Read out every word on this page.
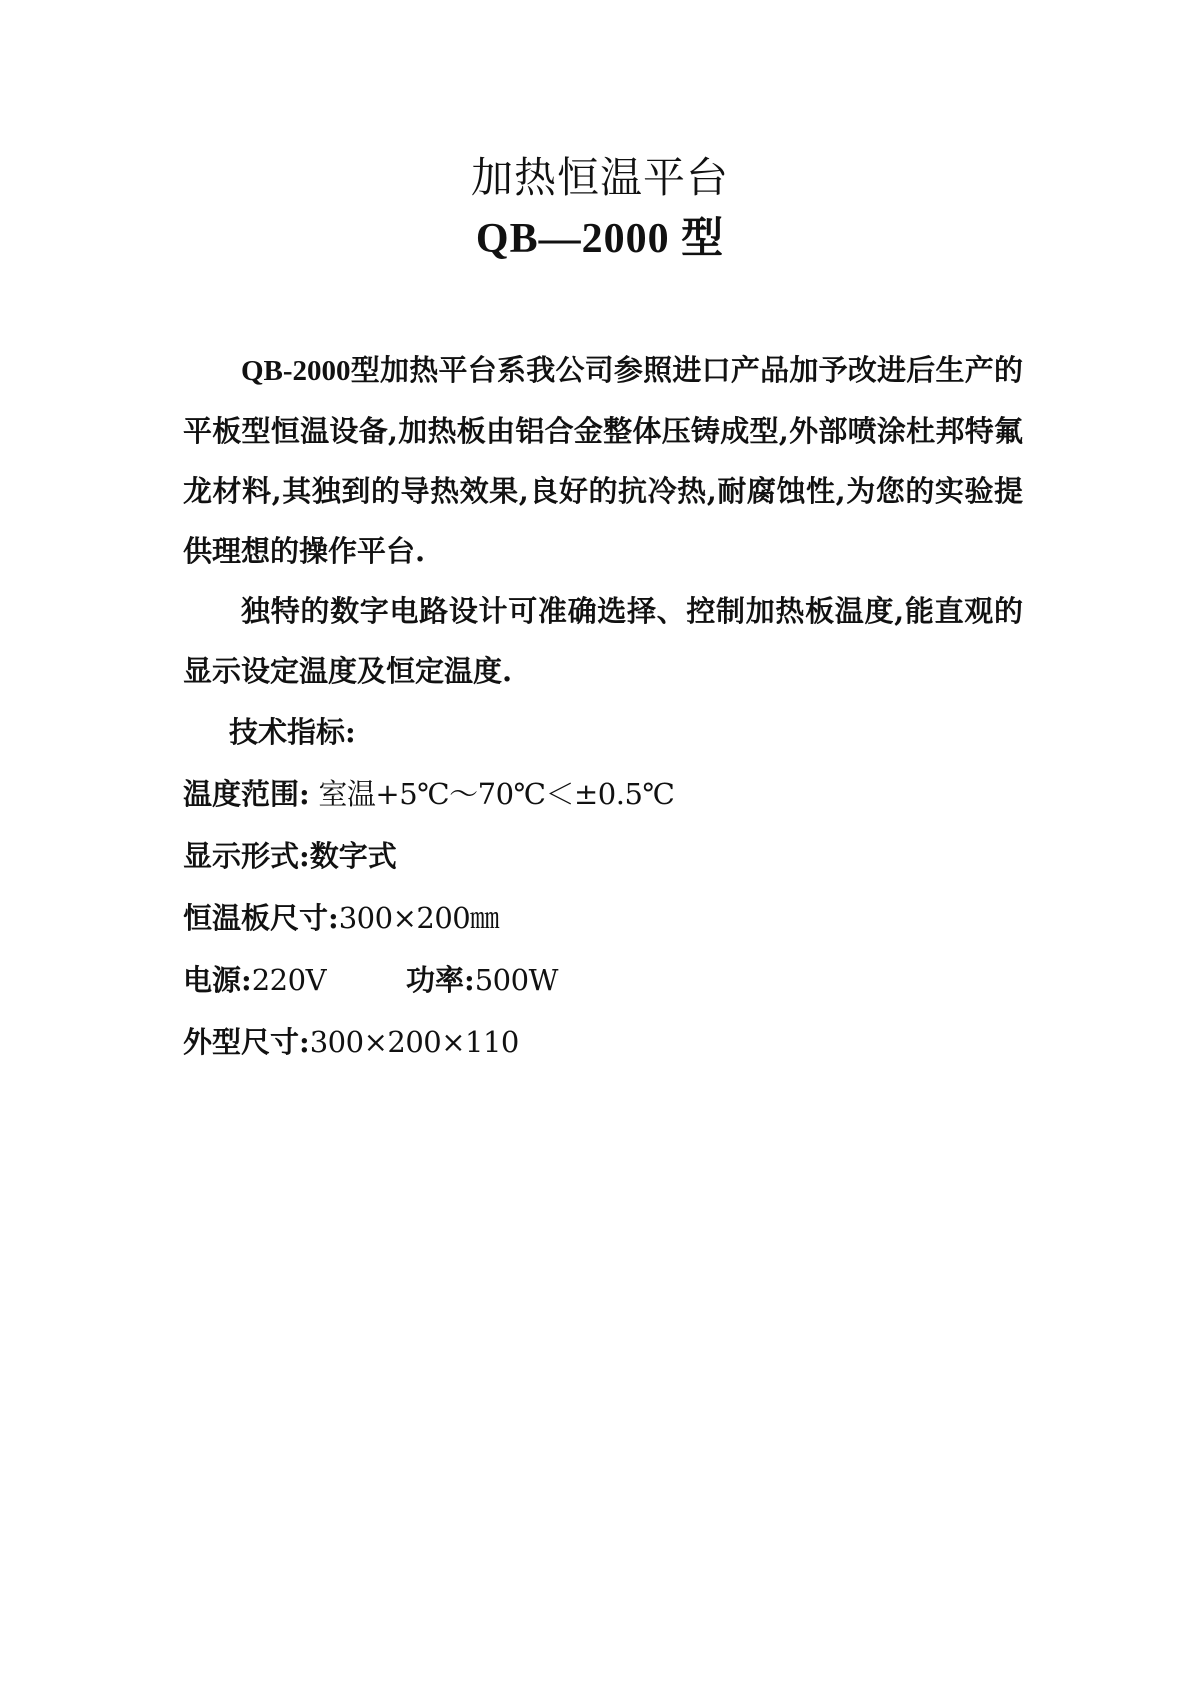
加热恒温平台
QB—2000 型

QB-2000型加热平台系我公司参照进口产品加予改进后生产的平板型恒温设备,加热板由铝合金整体压铸成型,外部喷涂杜邦特氟龙材料,其独到的导热效果,良好的抗冷热,耐腐蚀性,为您的实验提供理想的操作平台.

独特的数字电路设计可准确选择、控制加热板温度,能直观的显示设定温度及恒定温度.

技术指标:

温度范围: 室温+5℃～70℃＜±0.5℃

显示形式:数字式

恒温板尺寸:300×200㎜

电源:220V	功率:500W

外型尺寸:300×200×110
